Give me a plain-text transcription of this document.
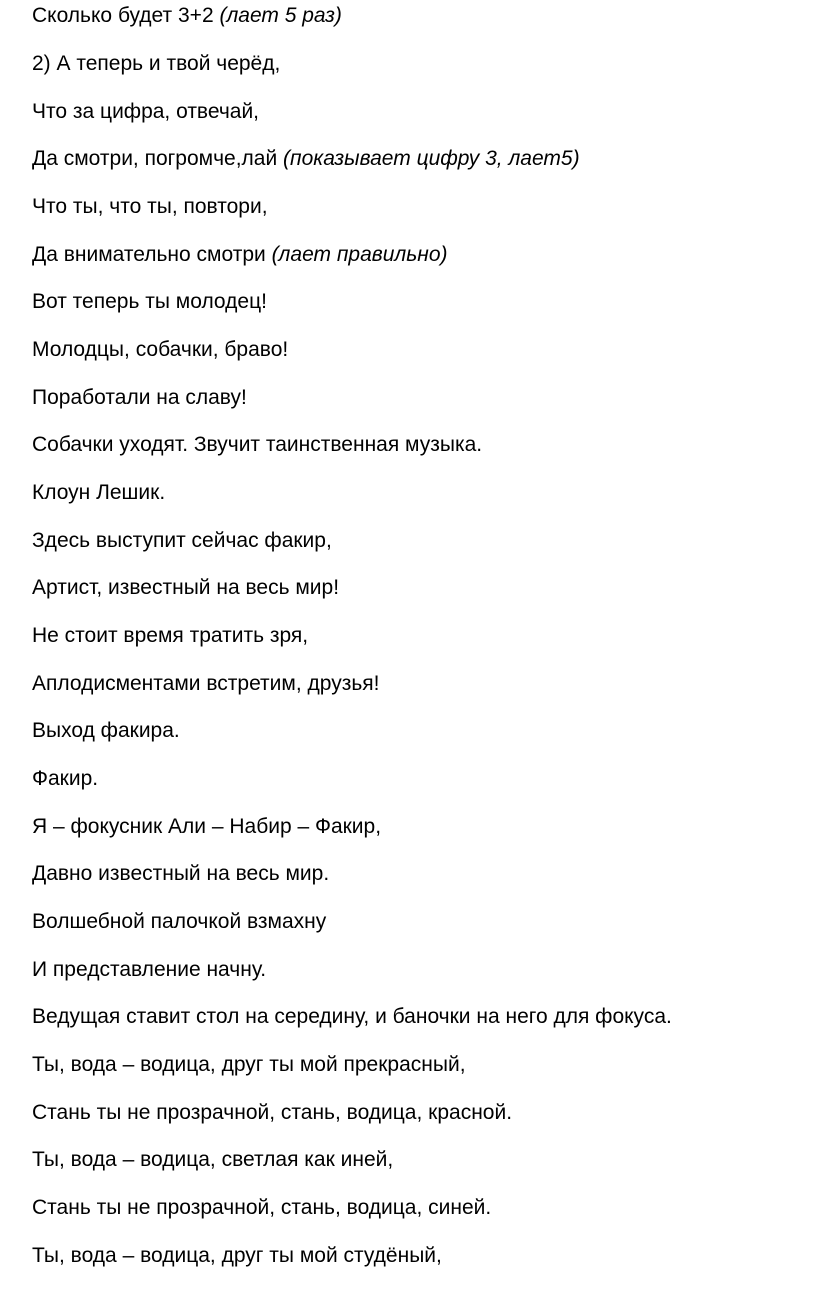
Сколько будет 3+2 (лает 5 раз)

2) А теперь и твой черёд,

Что за цифра, отвечай,

Да смотри, погромче,лай (показывает цифру 3, лает5)

Что ты, что ты, повтори,

Да внимательно смотри (лает правильно)

Вот теперь ты молодец!

Молодцы, собачки, браво!

Поработали на славу!

Собачки уходят. Звучит таинственная музыка.

Клоун Лешик.

Здесь выступит сейчас факир,

Артист, известный на весь мир!

Не стоит время тратить зря,

Аплодисментами встретим, друзья!

Выход факира.

Факир.

Я – фокусник Али – Набир – Факир,

Давно известный на весь мир.

Волшебной палочкой взмахну

И представление начну.

Ведущая ставит стол на середину, и баночки на него для фокуса.

Ты, вода – водица, друг ты мой прекрасный,

Стань ты не прозрачной, стань, водица, красной.

Ты, вода – водица, светлая как иней,

Стань ты не прозрачной, стань, водица, синей.

Ты, вода – водица, друг ты мой студёный,
